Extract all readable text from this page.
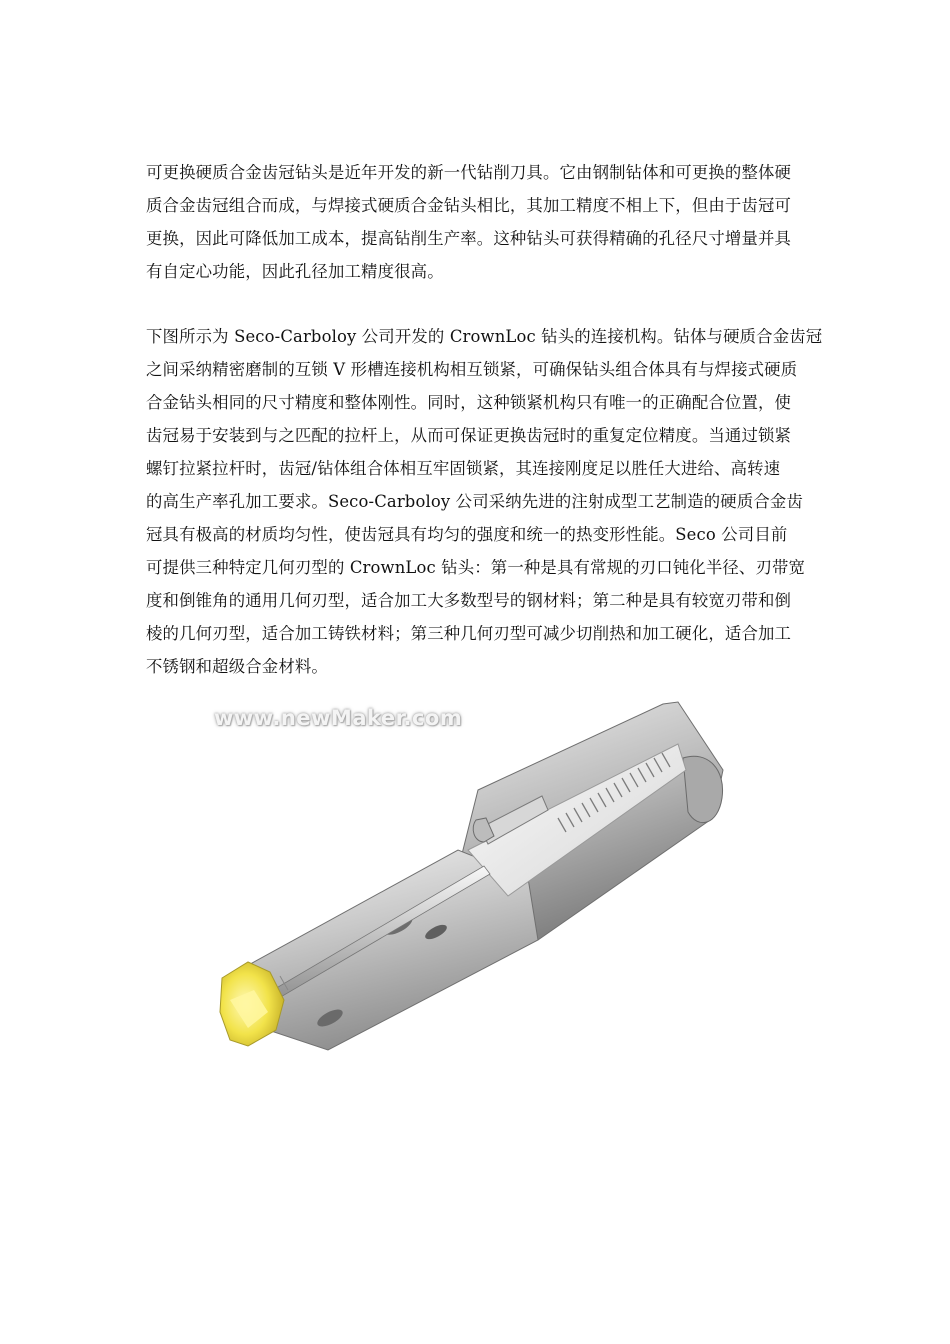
可更换硬质合金齿冠钻头是近年开发的新一代钻削刀具。它由钢制钻体和可更换的整体硬
质合金齿冠组合而成，与焊接式硬质合金钻头相比，其加工精度不相上下，但由于齿冠可
更换，因此可降低加工成本，提高钻削生产率。这种钻头可获得精确的孔径尺寸增量并具
有自定心功能，因此孔径加工精度很高。
下图所示为 Seco-Carboloy 公司开发的 CrownLoc 钻头的连接机构。钻体与硬质合金齿冠
之间采纳精密磨制的互锁 V 形槽连接机构相互锁紧，可确保钻头组合体具有与焊接式硬质
合金钻头相同的尺寸精度和整体刚性。同时，这种锁紧机构只有唯一的正确配合位置，使
齿冠易于安装到与之匹配的拉杆上，从而可保证更换齿冠时的重复定位精度。当通过锁紧
螺钉拉紧拉杆时，齿冠/钻体组合体相互牢固锁紧，其连接刚度足以胜任大进给、高转速
的高生产率孔加工要求。Seco-Carboloy 公司采纳先进的注射成型工艺制造的硬质合金齿
冠具有极高的材质均匀性，使齿冠具有均匀的强度和统一的热变形性能。Seco 公司目前
可提供三种特定几何刃型的 CrownLoc 钻头：第一种是具有常规的刃口钝化半径、刃带宽
度和倒锥角的通用几何刃型，适合加工大多数型号的钢材料；第二种是具有较宽刃带和倒
棱的几何刃型，适合加工铸铁材料；第三种几何刃型可减少切削热和加工硬化，适合加工
不锈钢和超级合金材料。
www.newMaker.com
